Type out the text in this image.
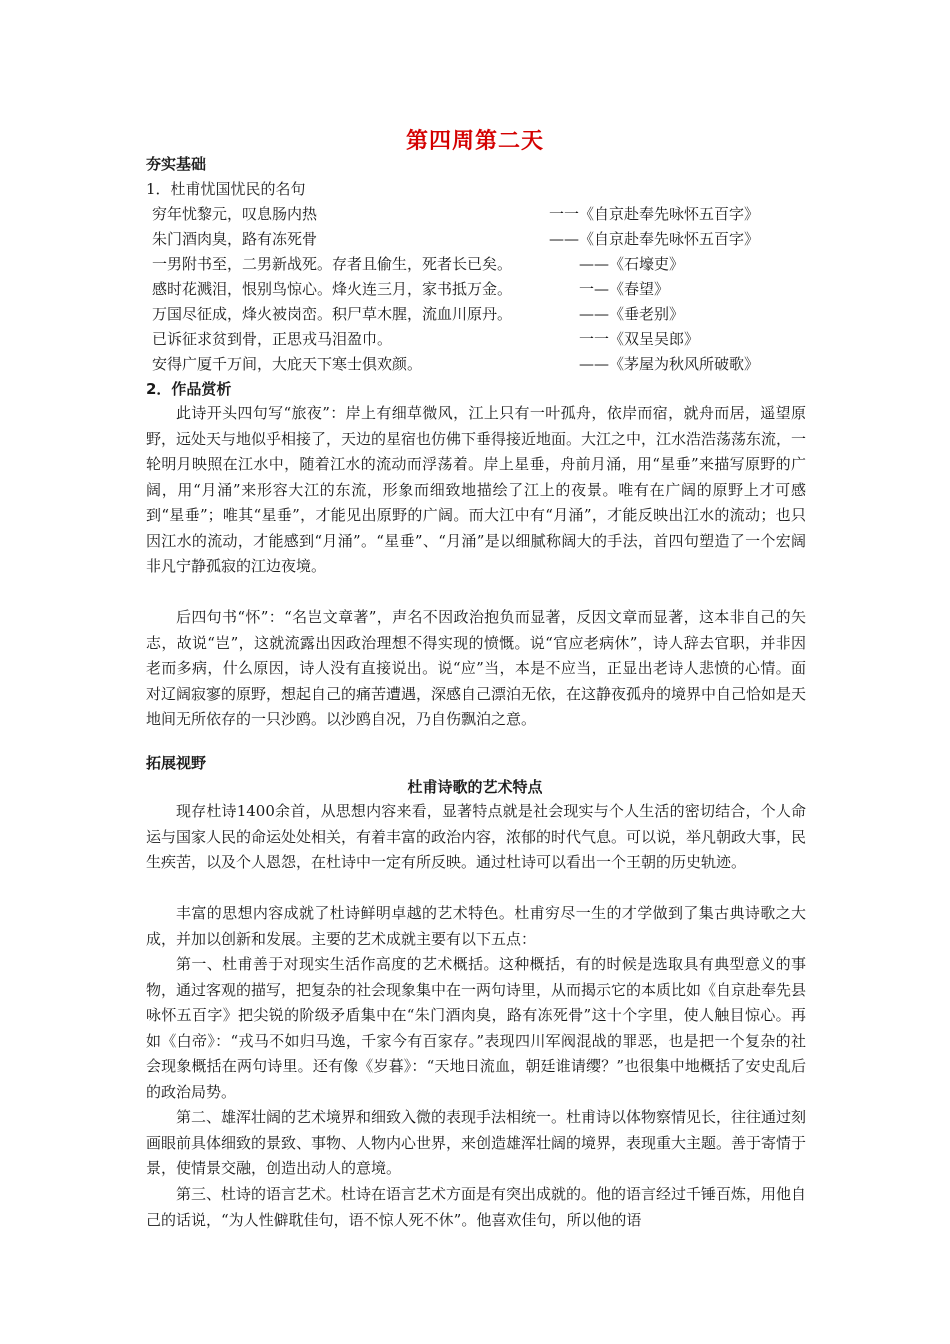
第四周第二天
夯实基础
1．杜甫忧国忧民的名句
穷年忧黎元，叹息肠内热	一一《自京赴奉先咏怀五百字》
朱门酒肉臭，路有冻死骨	——《自京赴奉先咏怀五百字》
一男附书至，二男新战死。存者且偷生，死者长已矣。	——《石壕吏》
感时花溅泪，恨别鸟惊心。烽火连三月，家书抵万金。	一—《春望》
万国尽征成，烽火被岗峦。积尸草木腥，流血川原丹。	——《垂老别》
已诉征求贫到骨，正思戎马泪盈巾。	一一《双呈吴郎》
安得广厦千万间，大庇天下寒士俱欢颜。	——《茅屋为秋风所破歌》
2．作品赏析

此诗开头四句写“旅夜”：岸上有细草微风，江上只有一叶孤舟，依岸而宿，就舟而居，遥望原野，远处天与地似乎相接了，天边的星宿也仿佛下垂得接近地面。大江之中，江水浩浩荡荡东流，一轮明月映照在江水中，随着江水的流动而浮荡着。岸上星垂，舟前月涌，用“星垂”来描写原野的广阔，用“月涌”来形容大江的东流，形象而细致地描绘了江上的夜景。唯有在广阔的原野上才可感到“星垂”；唯其“星垂”，才能见出原野的广阔。而大江中有“月涌”，才能反映出江水的流动；也只因江水的流动，才能感到“月涌”。“星垂”、“月涌”是以细腻称阔大的手法，首四句塑造了一个宏阔非凡宁静孤寂的江边夜境。

后四句书“怀”：“名岂文章著”，声名不因政治抱负而显著，反因文章而显著，这本非自己的矢志，故说“岂”，这就流露出因政治理想不得实现的愤慨。说“官应老病休”，诗人辞去官职，并非因老而多病，什么原因，诗人没有直接说出。说“应”当，本是不应当，正显出老诗人悲愤的心情。面对辽阔寂寥的原野，想起自己的痛苦遭遇，深感自己漂泊无依，在这静夜孤舟的境界中自己恰如是天地间无所依存的一只沙鸥。以沙鸥自况，乃自伤飘泊之意。

拓展视野
杜甫诗歌的艺术特点

现存杜诗1400余首，从思想内容来看，显著特点就是社会现实与个人生活的密切结合，个人命运与国家人民的命运处处相关，有着丰富的政治内容，浓郁的时代气息。可以说，举凡朝政大事，民生疾苦，以及个人恩怨，在杜诗中一定有所反映。通过杜诗可以看出一个王朝的历史轨迹。

丰富的思想内容成就了杜诗鲜明卓越的艺术特色。杜甫穷尽一生的才学做到了集古典诗歌之大成，并加以创新和发展。主要的艺术成就主要有以下五点：

第一、杜甫善于对现实生活作高度的艺术概括。这种概括，有的时候是选取具有典型意义的事物，通过客观的描写，把复杂的社会现象集中在一两句诗里，从而揭示它的本质比如《自京赴奉先县咏怀五百字》把尖锐的阶级矛盾集中在“朱门酒肉臭，路有冻死骨”这十个字里，使人触目惊心。再如《白帝》：“戎马不如归马逸，千家今有百家存。”表现四川军阀混战的罪恶，也是把一个复杂的社会现象概括在两句诗里。还有像《岁暮》：“天地日流血，朝廷谁请缨？”也很集中地概括了安史乱后的政治局势。

第二、雄浑壮阔的艺术境界和细致入微的表现手法相统一。杜甫诗以体物察情见长，往往通过刻画眼前具体细致的景致、事物、人物内心世界，来创造雄浑壮阔的境界，表现重大主题。善于寄情于景，使情景交融，创造出动人的意境。

第三、杜诗的语言艺术。杜诗在语言艺术方面是有突出成就的。他的语言经过千锤百炼，用他自己的话说，“为人性僻耽佳句，语不惊人死不休”。他喜欢佳句，所以他的语
